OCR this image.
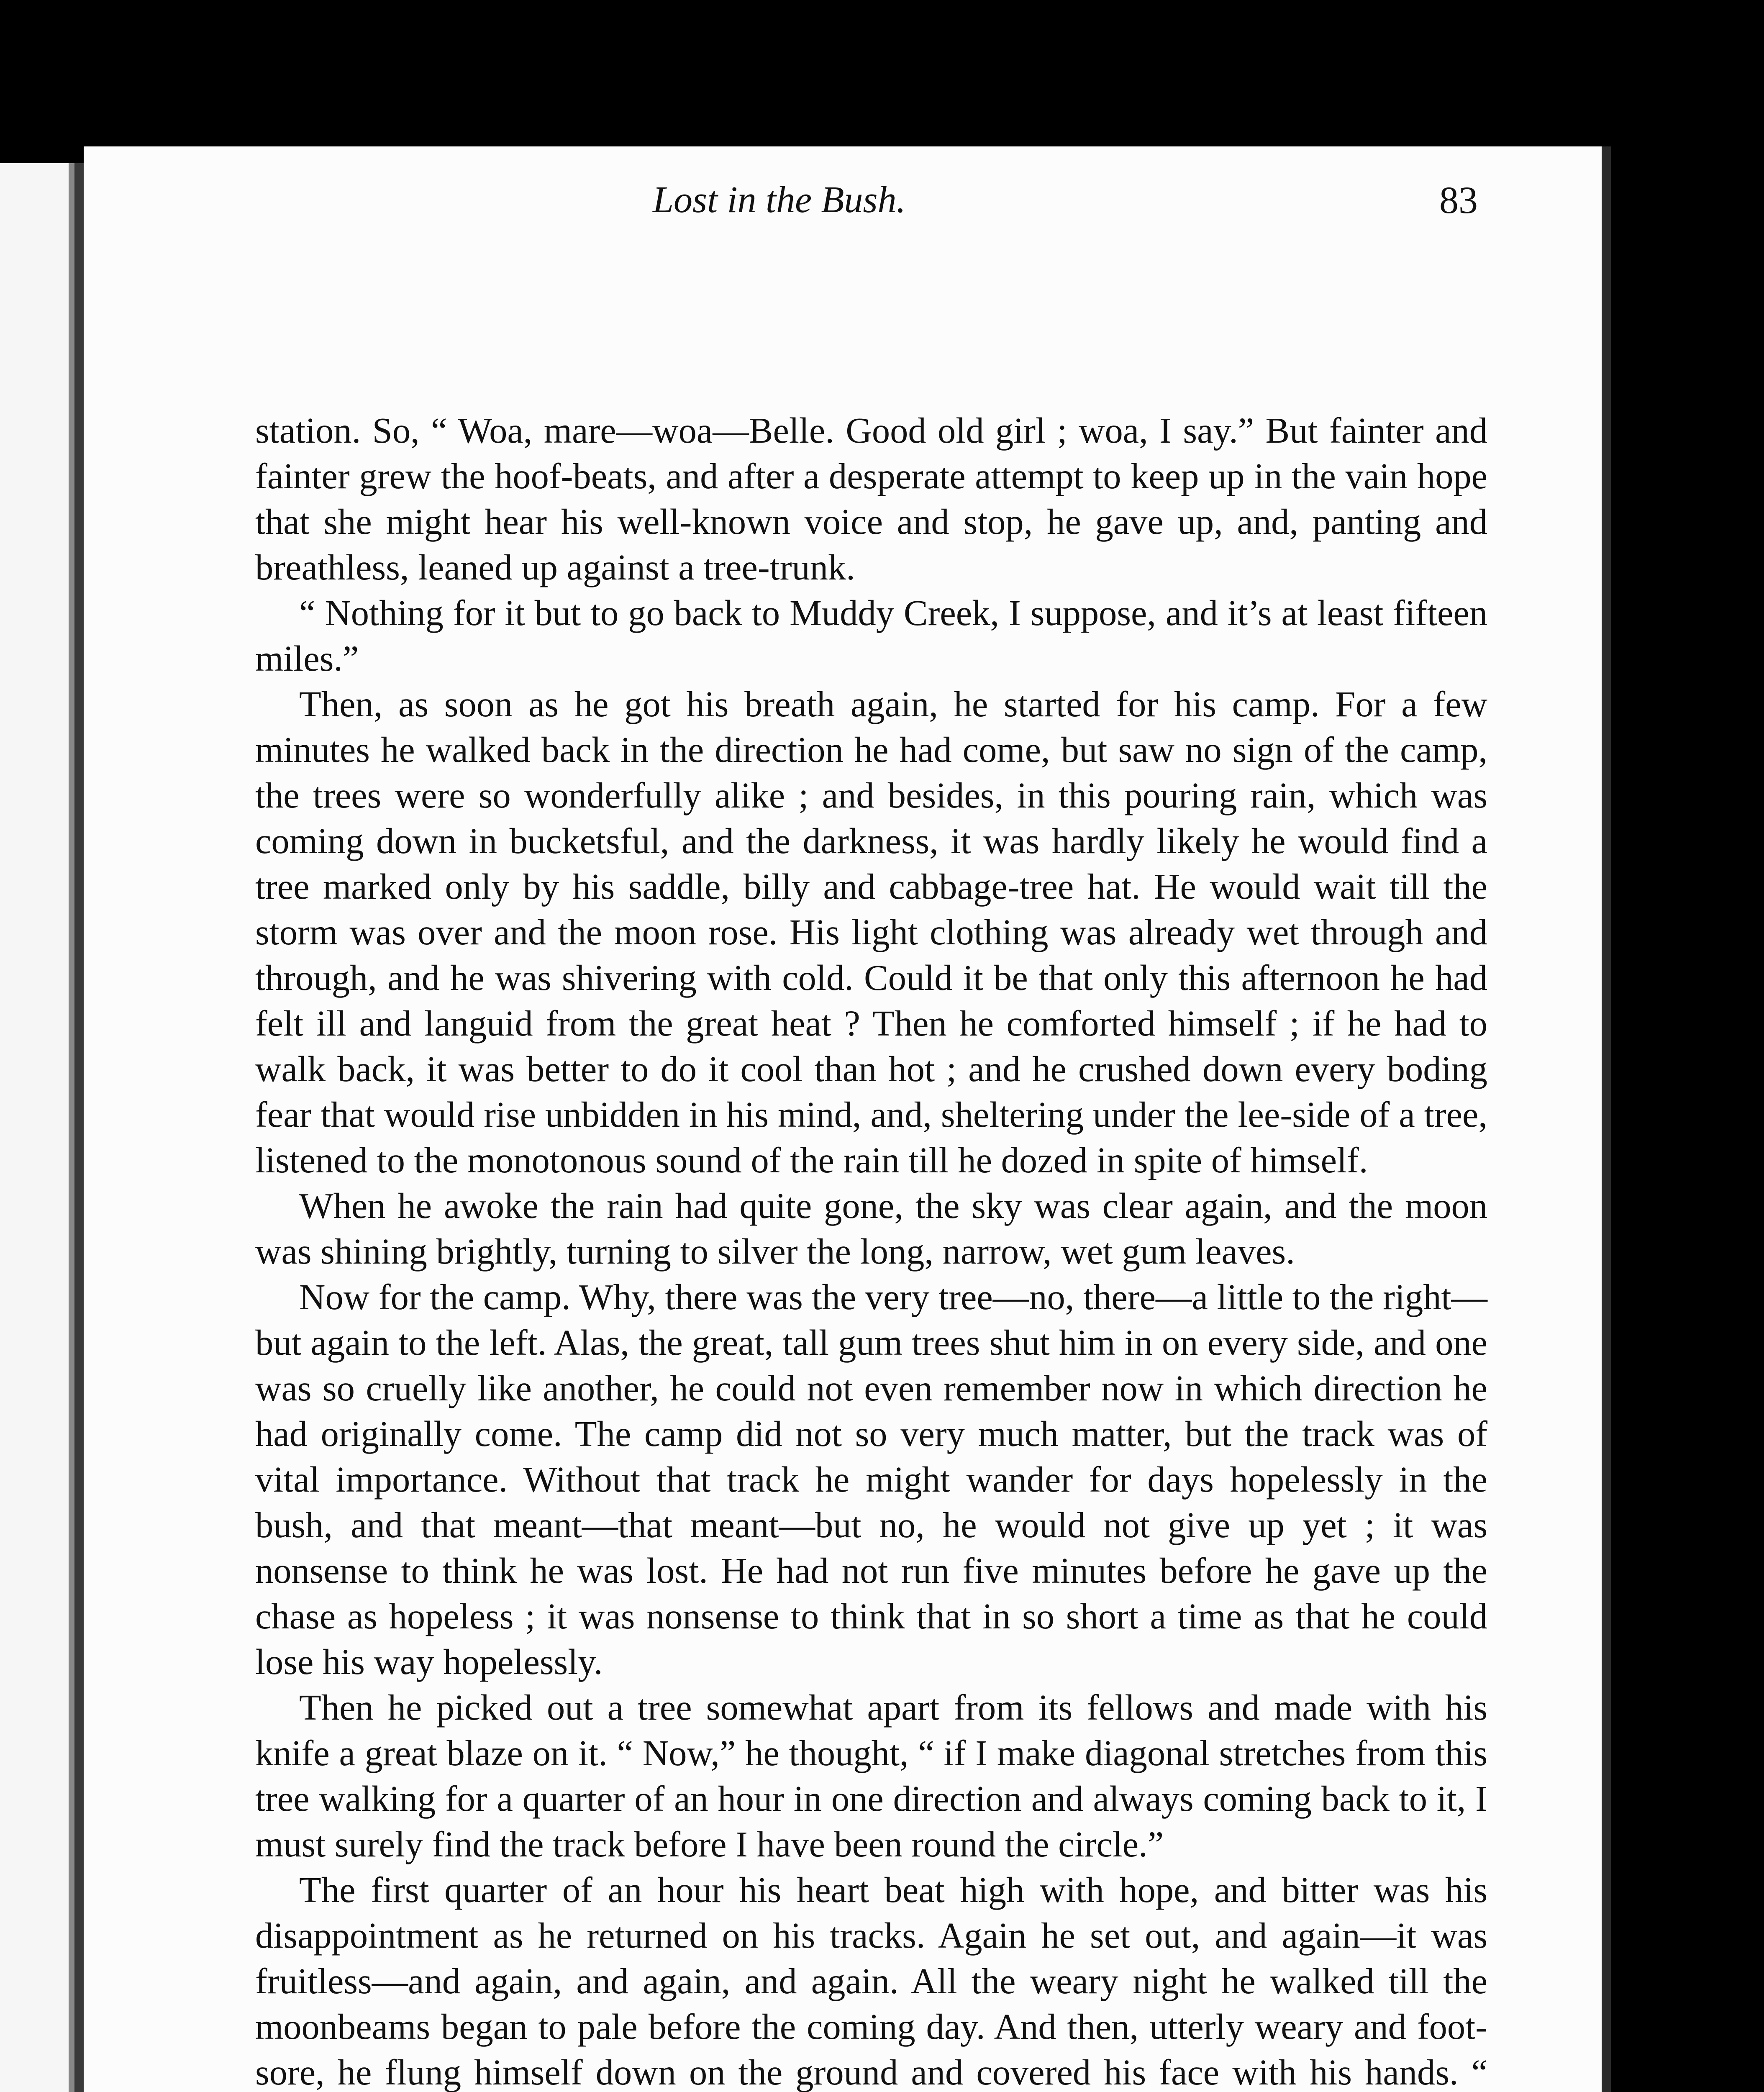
Lost in the Bush.	83

station. So, “ Woa, mare—woa—Belle. Good old girl ; woa, I say.” But fainter and fainter grew the hoof-beats, and after a desperate attempt to keep up in the vain hope that she might hear his well-known voice and stop, he gave up, and, panting and breathless, leaned up against a tree-trunk.

“ Nothing for it but to go back to Muddy Creek, I suppose, and it’s at least fifteen miles.”

Then, as soon as he got his breath again, he started for his camp. For a few minutes he walked back in the direction he had come, but saw no sign of the camp, the trees were so wonderfully alike ; and besides, in this pouring rain, which was coming down in bucketsful, and the darkness, it was hardly likely he would find a tree marked only by his saddle, billy and cabbage-tree hat. He would wait till the storm was over and the moon rose. His light clothing was already wet through and through, and he was shivering with cold. Could it be that only this afternoon he had felt ill and languid from the great heat ? Then he comforted himself ; if he had to walk back, it was better to do it cool than hot ; and he crushed down every boding fear that would rise unbidden in his mind, and, sheltering under the lee-side of a tree, listened to the monotonous sound of the rain till he dozed in spite of himself.

When he awoke the rain had quite gone, the sky was clear again, and the moon was shining brightly, turning to silver the long, narrow, wet gum leaves.

Now for the camp. Why, there was the very tree—no, there—a little to the right—but again to the left. Alas, the great, tall gum trees shut him in on every side, and one was so cruelly like another, he could not even remember now in which direction he had originally come. The camp did not so very much matter, but the track was of vital importance. Without that track he might wander for days hopelessly in the bush, and that meant—that meant—but no, he would not give up yet ; it was nonsense to think he was lost. He had not run five minutes before he gave up the chase as hopeless ; it was nonsense to think that in so short a time as that he could lose his way hopelessly.

Then he picked out a tree somewhat apart from its fellows and made with his knife a great blaze on it. “ Now,” he thought, “ if I make diagonal stretches from this tree walking for a quarter of an hour in one direction and always coming back to it, I must surely find the track before I have been round the circle.”

The first quarter of an hour his heart beat high with hope, and bitter was his disappointment as he returned on his tracks. Again he set out, and again—it was fruitless—and again, and again, and again. All the weary night he walked till the moonbeams began to pale before the coming day. And then, utterly weary and foot-sore, he flung himself down on the ground and covered his face with his hands. “
